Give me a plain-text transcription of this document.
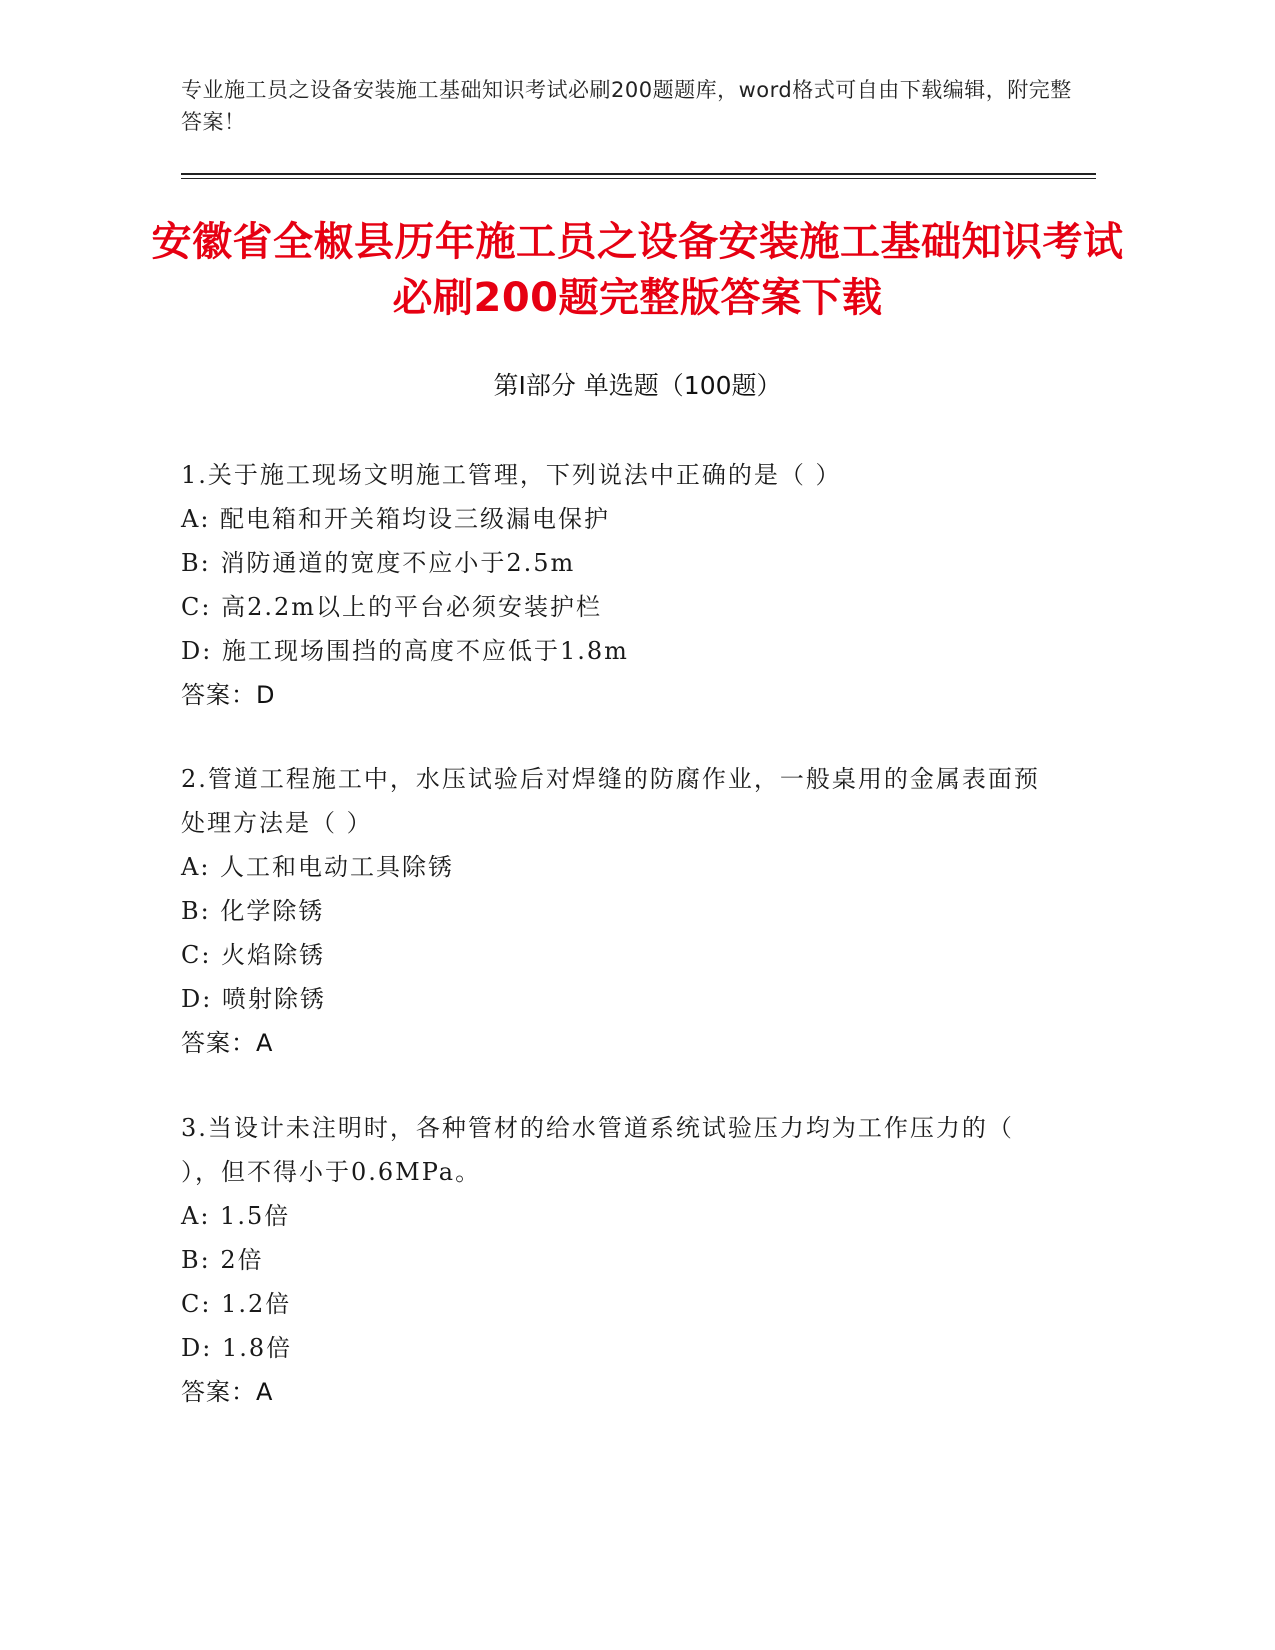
专业施工员之设备安装施工基础知识考试必刷200题题库，word格式可自由下载编辑，附完整答案！
安徽省全椒县历年施工员之设备安装施工基础知识考试必刷200题完整版答案下载
第Ⅰ部分 单选题（100题）
1.关于施工现场文明施工管理，下列说法中正确的是（ ）
A: 配电箱和开关箱均设三级漏电保护
B: 消防通道的宽度不应小于2.5m
C: 高2.2m以上的平台必须安装护栏
D: 施工现场围挡的高度不应低于1.8m
答案：D
2.管道工程施工中，水压试验后对焊缝的防腐作业，一般桌用的金属表面预处理方法是（ ）
A: 人工和电动工具除锈
B: 化学除锈
C: 火焰除锈
D: 喷射除锈
答案：A
3.当设计未注明时，各种管材的给水管道系统试验压力均为工作压力的（ ），但不得小于0.6MPa。
A: 1.5倍
B: 2倍
C: 1.2倍
D: 1.8倍
答案：A
